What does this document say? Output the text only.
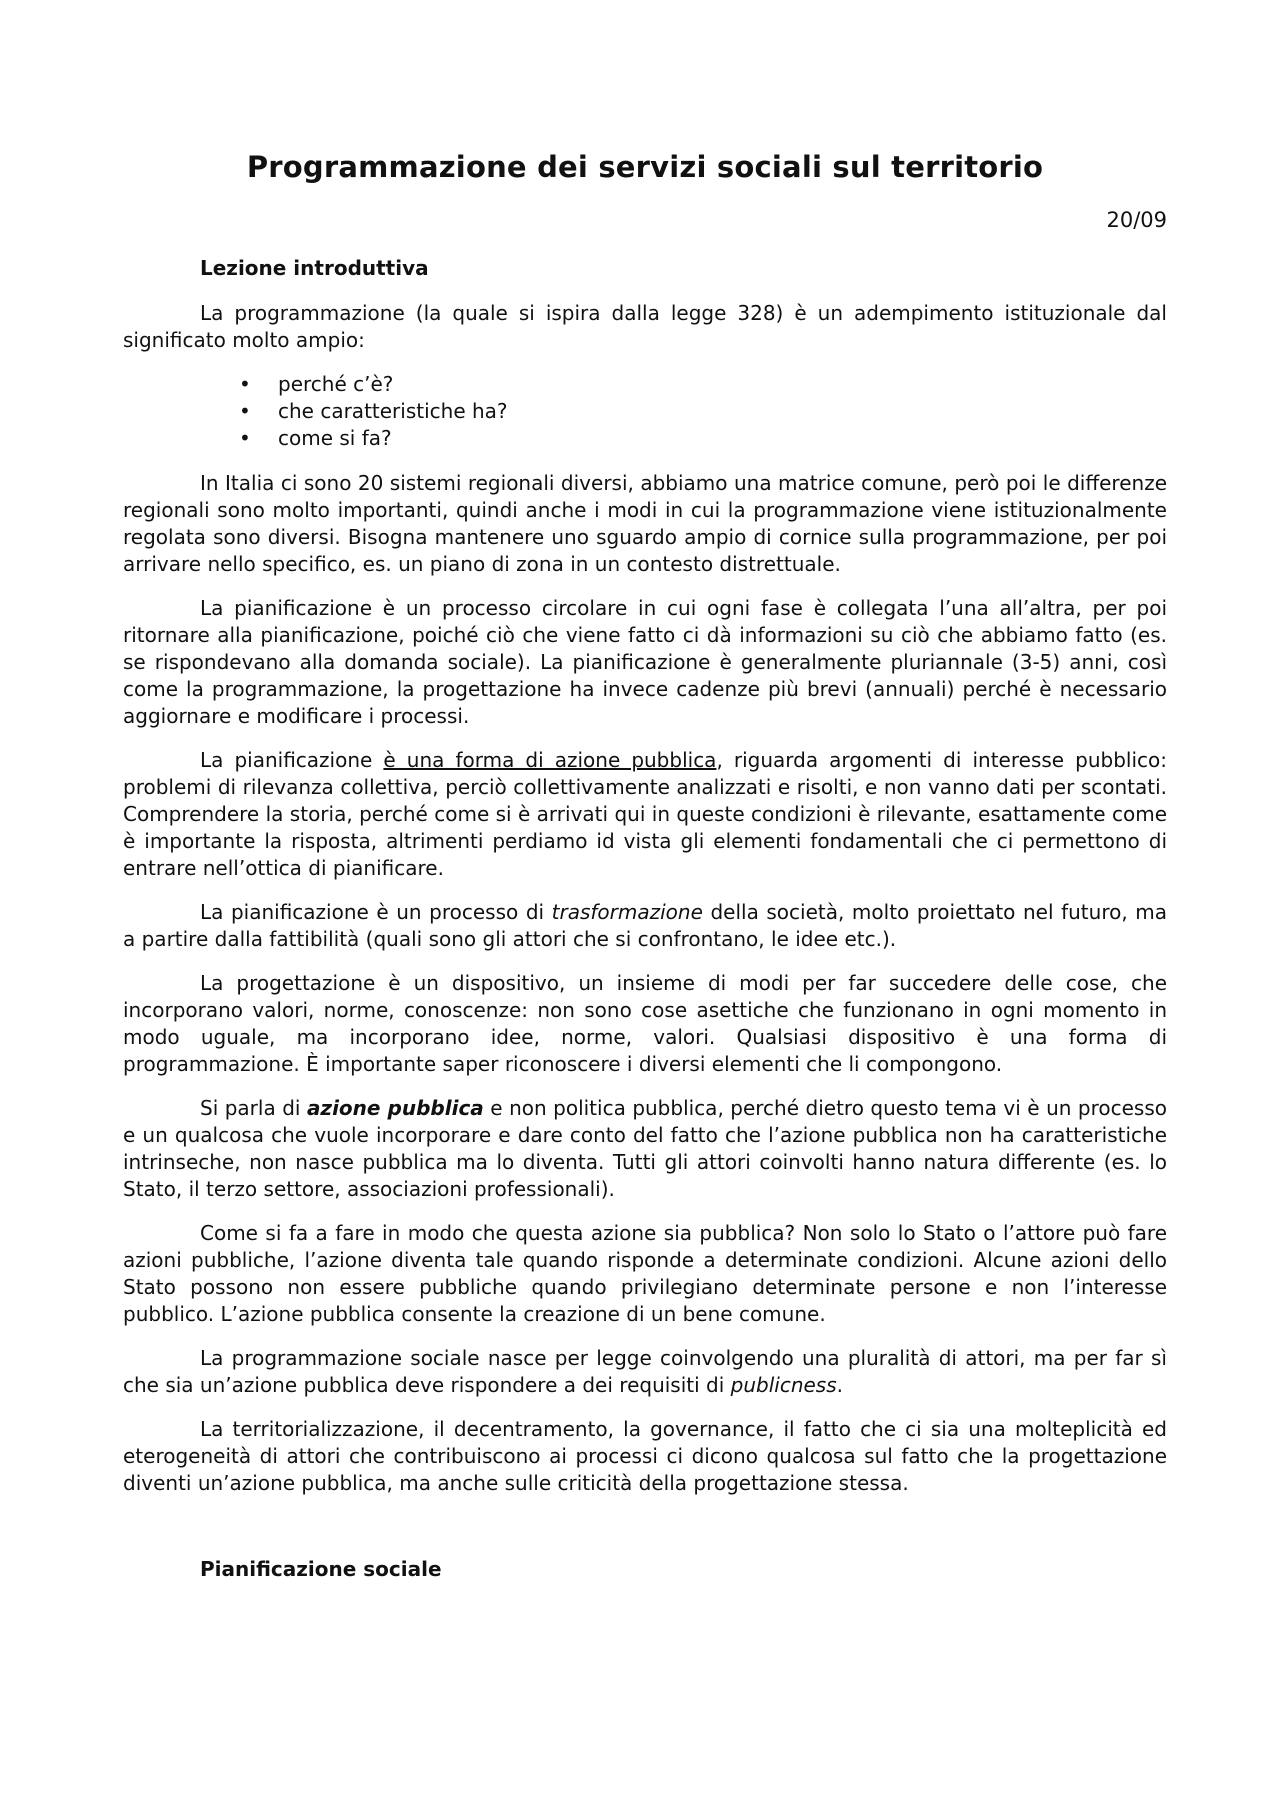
Programmazione dei servizi sociali sul territorio

20/09

Lezione introduttiva

La programmazione (la quale si ispira dalla legge 328) è un adempimento istituzionale dal significato molto ampio:

• perché c’è?
• che caratteristiche ha?
• come si fa?

In Italia ci sono 20 sistemi regionali diversi, abbiamo una matrice comune, però poi le differenze regionali sono molto importanti, quindi anche i modi in cui la programmazione viene istituzionalmente regolata sono diversi. Bisogna mantenere uno sguardo ampio di cornice sulla programmazione, per poi arrivare nello specifico, es. un piano di zona in un contesto distrettuale.

La pianificazione è un processo circolare in cui ogni fase è collegata l’una all’altra, per poi ritornare alla pianificazione, poiché ciò che viene fatto ci dà informazioni su ciò che abbiamo fatto (es. se rispondevano alla domanda sociale). La pianificazione è generalmente pluriannale (3-5) anni, così come la programmazione, la progettazione ha invece cadenze più brevi (annuali) perché è necessario aggiornare e modificare i processi.

La pianificazione è una forma di azione pubblica, riguarda argomenti di interesse pubblico: problemi di rilevanza collettiva, perciò collettivamente analizzati e risolti, e non vanno dati per scontati. Comprendere la storia, perché come si è arrivati qui in queste condizioni è rilevante, esattamente come è importante la risposta, altrimenti perdiamo id vista gli elementi fondamentali che ci permettono di entrare nell’ottica di pianificare.

La pianificazione è un processo di trasformazione della società, molto proiettato nel futuro, ma a partire dalla fattibilità (quali sono gli attori che si confrontano, le idee etc.).

La progettazione è un dispositivo, un insieme di modi per far succedere delle cose, che incorporano valori, norme, conoscenze: non sono cose asettiche che funzionano in ogni momento in modo uguale, ma incorporano idee, norme, valori. Qualsiasi dispositivo è una forma di programmazione. È importante saper riconoscere i diversi elementi che li compongono.

Si parla di azione pubblica e non politica pubblica, perché dietro questo tema vi è un processo e un qualcosa che vuole incorporare e dare conto del fatto che l’azione pubblica non ha caratteristiche intrinseche, non nasce pubblica ma lo diventa. Tutti gli attori coinvolti hanno natura differente (es. lo Stato, il terzo settore, associazioni professionali).

Come si fa a fare in modo che questa azione sia pubblica? Non solo lo Stato o l’attore può fare azioni pubbliche, l’azione diventa tale quando risponde a determinate condizioni. Alcune azioni dello Stato possono non essere pubbliche quando privilegiano determinate persone e non l’interesse pubblico. L’azione pubblica consente la creazione di un bene comune.

La programmazione sociale nasce per legge coinvolgendo una pluralità di attori, ma per far sì che sia un’azione pubblica deve rispondere a dei requisiti di publicness.

La territorializzazione, il decentramento, la governance, il fatto che ci sia una molteplicità ed eterogeneità di attori che contribuiscono ai processi ci dicono qualcosa sul fatto che la progettazione diventi un’azione pubblica, ma anche sulle criticità della progettazione stessa.

Pianificazione sociale
